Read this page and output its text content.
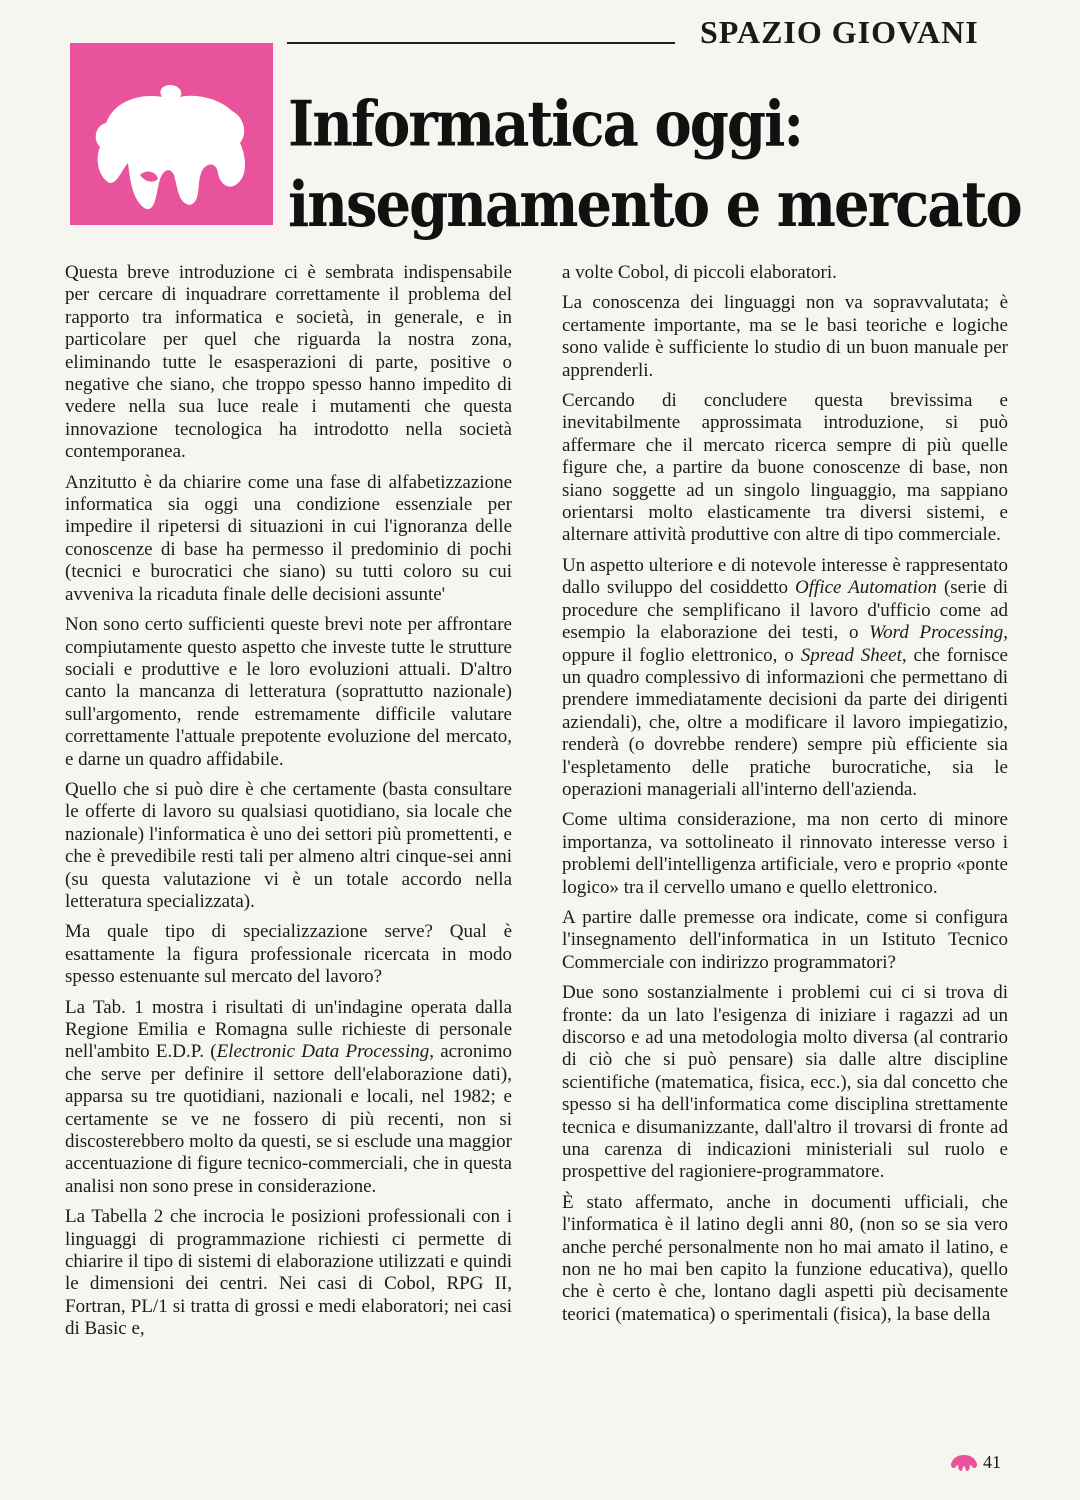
SPAZIO GIOVANI
Informatica oggi:
insegnamento e mercato

Questa breve introduzione ci è sembrata indispensabile per cercare di inquadrare correttamente il problema del rapporto tra informatica e società, in generale, e in particolare per quel che riguarda la nostra zona, eliminando tutte le esasperazioni di parte, positive o negative che siano, che troppo spesso hanno impedito di vedere nella sua luce reale i mutamenti che questa innovazione tecnologica ha introdotto nella società contemporanea.

Anzitutto è da chiarire come una fase di alfabetizzazione informatica sia oggi una condizione essenziale per impedire il ripetersi di situazioni in cui l'ignoranza delle conoscenze di base ha permesso il predominio di pochi (tecnici e burocratici che siano) su tutti coloro su cui avveniva la ricaduta finale delle decisioni assunte'

Non sono certo sufficienti queste brevi note per affrontare compiutamente questo aspetto che investe tutte le strutture sociali e produttive e le loro evoluzioni attuali. D'altro canto la mancanza di letteratura (soprattutto nazionale) sull'argomento, rende estremamente difficile valutare correttamente l'attuale prepotente evoluzione del mercato, e darne un quadro affidabile.

Quello che si può dire è che certamente (basta consultare le offerte di lavoro su qualsiasi quotidiano, sia locale che nazionale) l'informatica è uno dei settori più promettenti, e che è prevedibile resti tali per almeno altri cinque-sei anni (su questa valutazione vi è un totale accordo nella letteratura specializzata).

Ma quale tipo di specializzazione serve? Qual è esattamente la figura professionale ricercata in modo spesso estenuante sul mercato del lavoro?

La Tab. 1 mostra i risultati di un'indagine operata dalla Regione Emilia e Romagna sulle richieste di personale nell'ambito E.D.P. (Electronic Data Processing, acronimo che serve per definire il settore dell'elaborazione dati), apparsa su tre quotidiani, nazionali e locali, nel 1982; e certamente se ve ne fossero di più recenti, non si discosterebbero molto da questi, se si esclude una maggior accentuazione di figure tecnico-commerciali, che in questa analisi non sono prese in considerazione.

La Tabella 2 che incrocia le posizioni professionali con i linguaggi di programmazione richiesti ci permette di chiarire il tipo di sistemi di elaborazione utilizzati e quindi le dimensioni dei centri. Nei casi di Cobol, RPG II, Fortran, PL/1 si tratta di grossi e medi elaboratori; nei casi di Basic e,

a volte Cobol, di piccoli elaboratori.

La conoscenza dei linguaggi non va sopravvalutata; è certamente importante, ma se le basi teoriche e logiche sono valide è sufficiente lo studio di un buon manuale per apprenderli.

Cercando di concludere questa brevissima e inevitabilmente approssimata introduzione, si può affermare che il mercato ricerca sempre di più quelle figure che, a partire da buone conoscenze di base, non siano soggette ad un singolo linguaggio, ma sappiano orientarsi molto elasticamente tra diversi sistemi, e alternare attività produttive con altre di tipo commerciale.

Un aspetto ulteriore e di notevole interesse è rappresentato dallo sviluppo del cosiddetto Office Automation (serie di procedure che semplificano il lavoro d'ufficio come ad esempio la elaborazione dei testi, o Word Processing, oppure il foglio elettronico, o Spread Sheet, che fornisce un quadro complessivo di informazioni che permettano di prendere immediatamente decisioni da parte dei dirigenti aziendali), che, oltre a modificare il lavoro impiegatizio, renderà (o dovrebbe rendere) sempre più efficiente sia l'espletamento delle pratiche burocratiche, sia le operazioni manageriali all'interno dell'azienda.

Come ultima considerazione, ma non certo di minore importanza, va sottolineato il rinnovato interesse verso i problemi dell'intelligenza artificiale, vero e proprio «ponte logico» tra il cervello umano e quello elettronico.

A partire dalle premesse ora indicate, come si configura l'insegnamento dell'informatica in un Istituto Tecnico Commerciale con indirizzo programmatori?

Due sono sostanzialmente i problemi cui ci si trova di fronte: da un lato l'esigenza di iniziare i ragazzi ad un discorso e ad una metodologia molto diversa (al contrario di ciò che si può pensare) sia dalle altre discipline scientifiche (matematica, fisica, ecc.), sia dal concetto che spesso si ha dell'informatica come disciplina strettamente tecnica e disumanizzante, dall'altro il trovarsi di fronte ad una carenza di indicazioni ministeriali sul ruolo e prospettive del ragioniere-programmatore.

È stato affermato, anche in documenti ufficiali, che l'informatica è il latino degli anni 80, (non so se sia vero anche perché personalmente non ho mai amato il latino, e non ne ho mai ben capito la funzione educativa), quello che è certo è che, lontano dagli aspetti più decisamente teorici (matematica) o sperimentali (fisica), la base della

41
